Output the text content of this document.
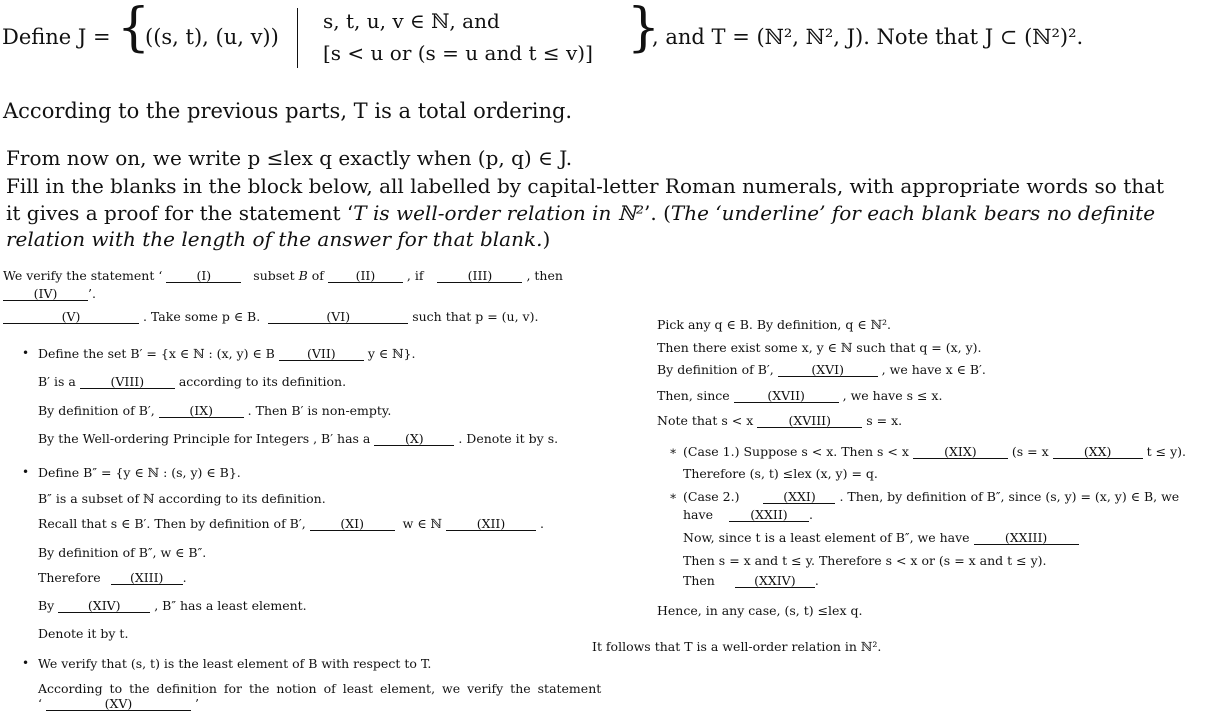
Define J = {
((s, t), (u, v))
s, t, u, v ∈ ℕ, and
[s < u or (s = u and t ≤ v)] }
, and T = (ℕ², ℕ², J). Note that J ⊂ (ℕ²)².
According to the previous parts, T is a total ordering.
From now on, we write p ≤lex q exactly when (p, q) ∈ J.
Fill in the blanks in the block below, all labelled by capital-letter Roman numerals, with appropriate words so that
it gives a proof for the statement ‘T is well-order relation in ℕ²’. (The ‘underline’ for each blank bears no definite
relation with the length of the answer for that blank.)
We verify the statement ‘	(I)	subset B of	(II)	, if	(III)	, then
(IV) ’.
(V)	. Take some p ∈ B.	(VI)	such that p = (u, v).
• Define the set B′ = {x ∈ ℕ : (x, y) ∈ B	(VII)	y ∈ ℕ}.
B′ is a	(VIII)	according to its definition.
By definition of B′,	(IX)	. Then B′ is non-empty.
By the Well-ordering Principle for Integers , B′ has a	(X)	. Denote it by s.
• Define B″ = {y ∈ ℕ : (s, y) ∈ B}.
B″ is a subset of ℕ according to its definition.
Recall that s ∈ B′. Then by definition of B′,	(XI)	w ∈ ℕ	(XII)	.
By definition of B″, w ∈ B″.
Therefore (XIII) .
By	(XIV)	, B″ has a least element.
Denote it by t.
• We verify that (s, t) is the least element of B with respect to T.
According to the definition for the notion of least element, we verify the statement
‘	(XV)	’
Pick any q ∈ B. By definition, q ∈ ℕ².
Then there exist some x, y ∈ ℕ such that q = (x, y).
By definition of B′,	(XVI)	, we have x ∈ B′.
Then, since	(XVII)	, we have s ≤ x.
Note that s < x	(XVIII)	s = x.
∗ (Case 1.) Suppose s < x. Then s < x	(XIX)	(s = x	(XX)	t ≤ y).
Therefore (s, t) ≤lex (x, y) = q.
∗ (Case 2.)	(XXI) . Then, by definition of B″, since (s, y) = (x, y) ∈ B, we
have	(XXII) .
Now, since t is a least element of B″, we have	(XXIII)
Then s = x and t ≤ y. Therefore s < x or (s = x and t ≤ y).
Then	(XXIV) .
Hence, in any case, (s, t) ≤lex q.
It follows that T is a well-order relation in ℕ².
